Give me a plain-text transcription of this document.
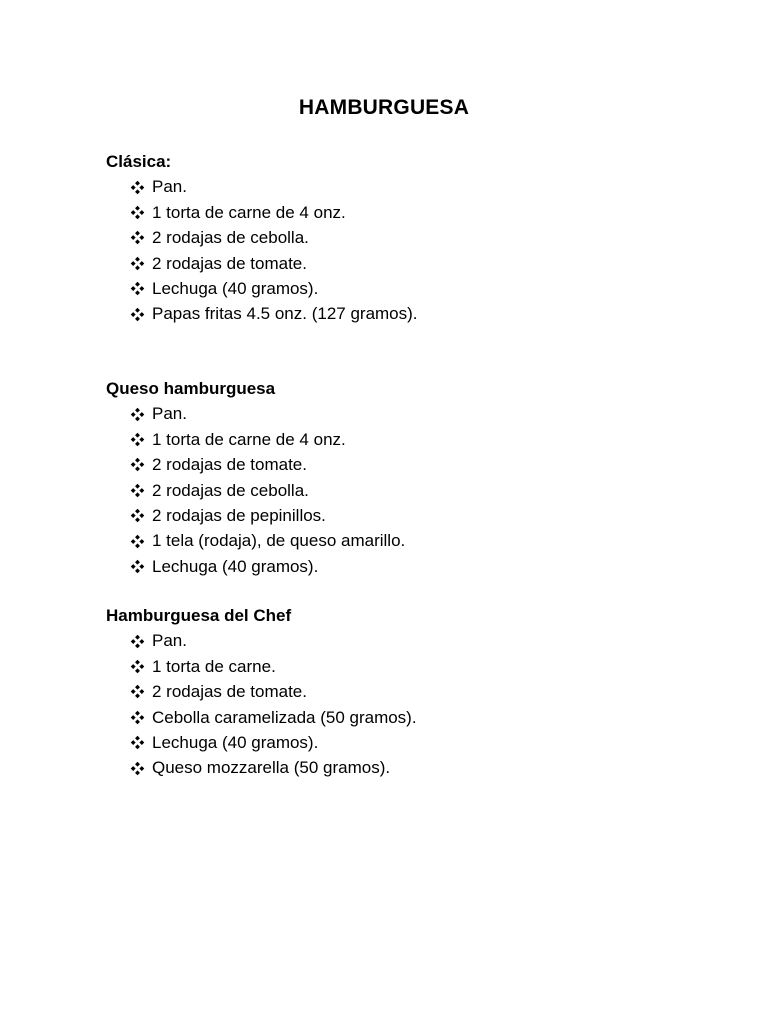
HAMBURGUESA
Clásica:
Pan.
1 torta de carne de 4 onz.
2 rodajas de cebolla.
2 rodajas de tomate.
Lechuga (40 gramos).
Papas fritas 4.5 onz. (127 gramos).
Queso hamburguesa
Pan.
1 torta de carne de 4 onz.
2 rodajas de tomate.
2 rodajas de cebolla.
2 rodajas de pepinillos.
1 tela (rodaja), de queso amarillo.
Lechuga (40 gramos).
Hamburguesa del Chef
Pan.
1 torta de carne.
2 rodajas de tomate.
Cebolla caramelizada (50 gramos).
Lechuga (40 gramos).
Queso mozzarella (50 gramos).
